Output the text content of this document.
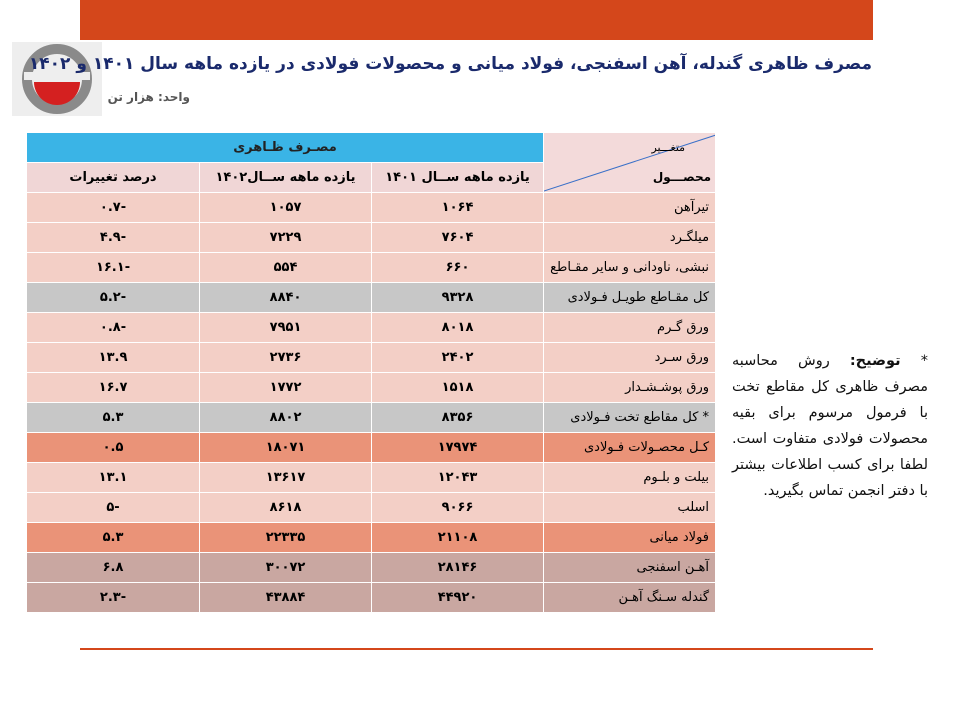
مصرف ظاهری گندله، آهن اسفنجی، فولاد میانی و محصولات فولادی در یازده ماهه سال ۱۴۰۱ و ۱۴۰۲
واحد: هزار تن
متغـــیر
محصـــول	مصـرف ظـاهری		
	یازده ماهه ســال ۱۴۰۱	یازده ماهه ســال۱۴۰۲	درصد تغییرات
تیرآهن	۱۰۶۴	۱۰۵۷	-۰.۷
میلگـرد	۷۶۰۴	۷۲۲۹	-۴.۹
نبشی، ناودانی و سایر مقـاطع	۶۶۰	۵۵۴	-۱۶.۱
کل مقـاطع طویـل فـولادی	۹۳۲۸	۸۸۴۰	-۵.۲
ورق گـرم	۸۰۱۸	۷۹۵۱	-۰.۸
ورق سـرد	۲۴۰۲	۲۷۳۶	۱۳.۹
ورق پوشـشـدار	۱۵۱۸	۱۷۷۲	۱۶.۷
* کل مقاطع تخت فـولادی	۸۳۵۶	۸۸۰۲	۵.۳
کـل محصـولات فـولادی	۱۷۹۷۴	۱۸۰۷۱	۰.۵
بیلت و بلـوم	۱۲۰۴۳	۱۳۶۱۷	۱۳.۱
اسلب	۹۰۶۶	۸۶۱۸	-۵
فولاد میانی	۲۱۱۰۸	۲۲۳۳۵	۵.۳
آهـن اسفنجی	۲۸۱۴۶	۳۰۰۷۲	۶.۸
گندله سـنگ آهـن	۴۴۹۲۰	۴۳۸۸۴	-۲.۳
* توضیح: روش محاسبه مصرف ظاهری کل مقاطع تخت با فرمول مرسوم برای بقیه محصولات فولادی متفاوت است. لطفا برای کسب اطلاعات بیشتر با دفتر انجمن تماس بگیرید.
